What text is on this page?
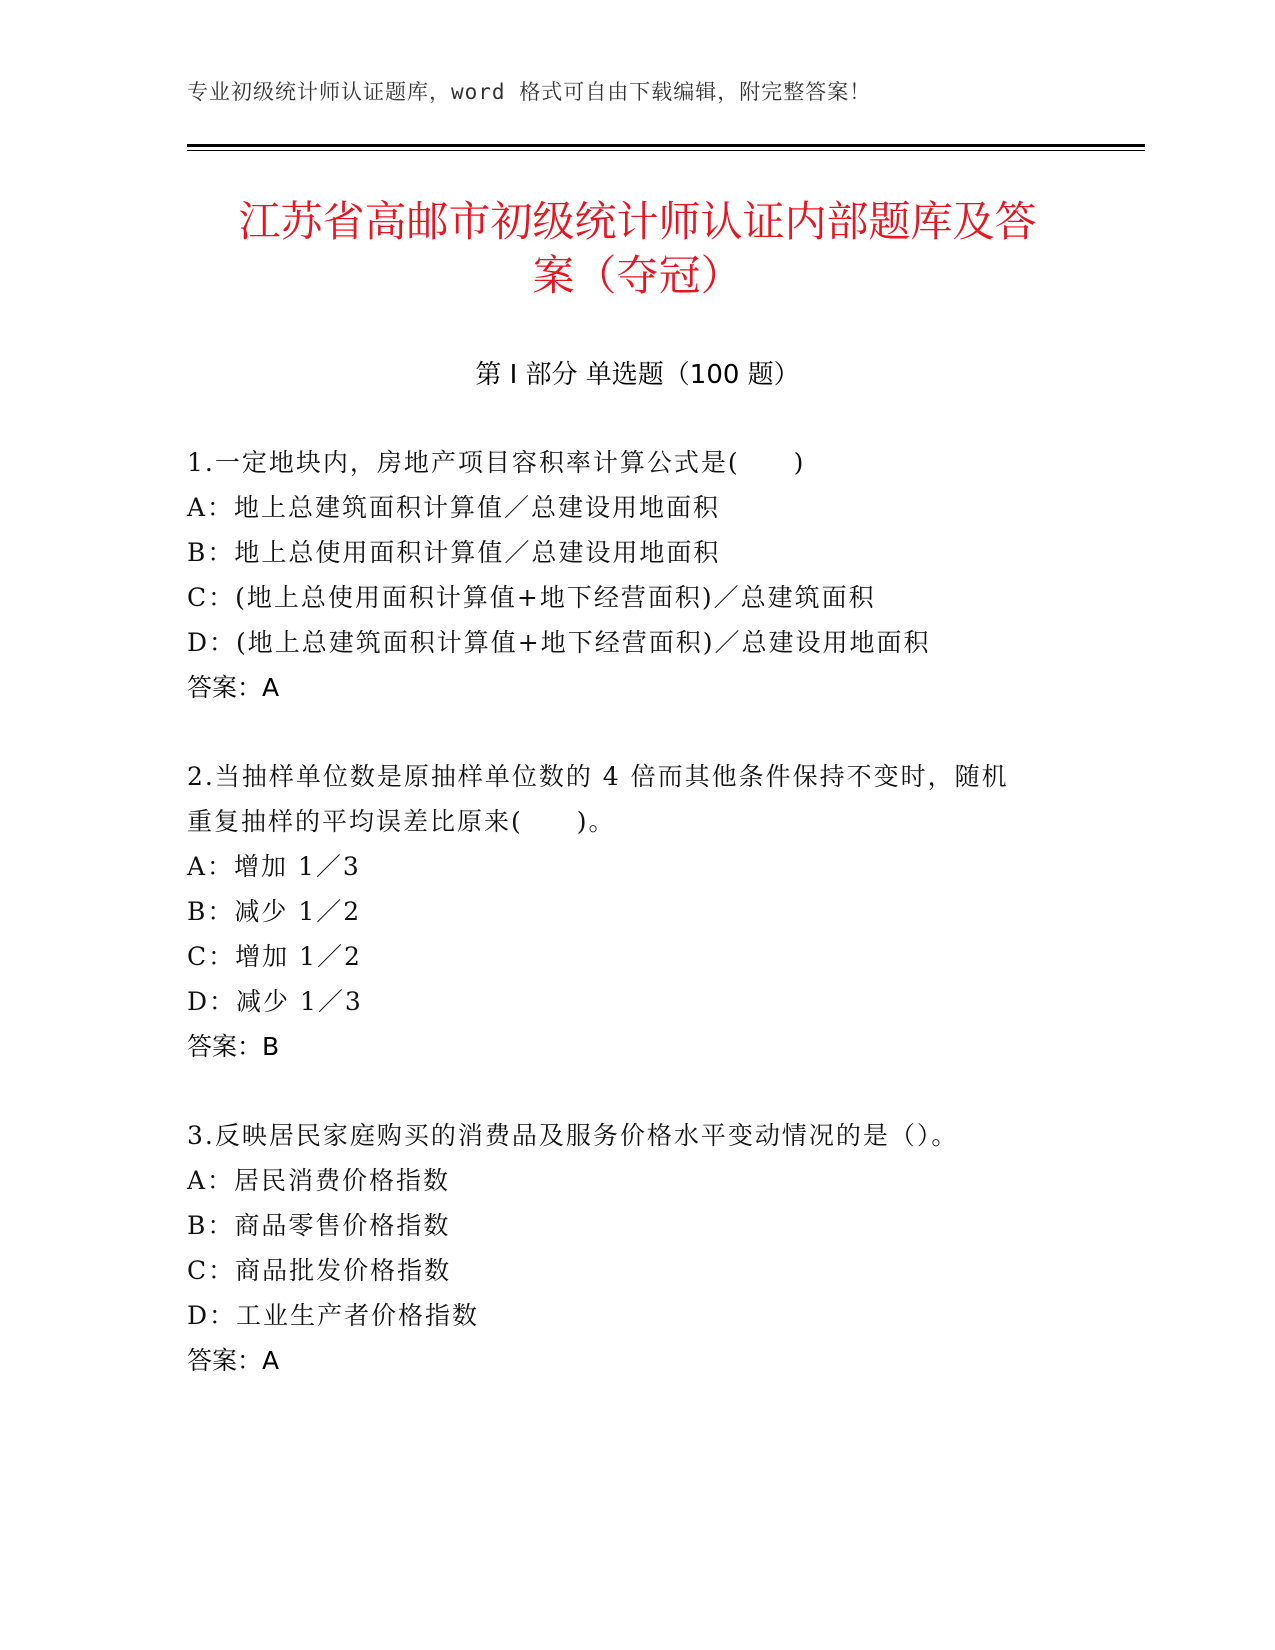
专业初级统计师认证题库，word 格式可自由下载编辑，附完整答案！
江苏省高邮市初级统计师认证内部题库及答
案（夺冠）
第 I 部分 单选题（100 题）

1.一定地块内，房地产项目容积率计算公式是(　　)

A：地上总建筑面积计算值／总建设用地面积

B：地上总使用面积计算值／总建设用地面积

C：(地上总使用面积计算值+地下经营面积)／总建筑面积

D：(地上总建筑面积计算值+地下经营面积)／总建设用地面积

答案：A

2.当抽样单位数是原抽样单位数的 4 倍而其他条件保持不变时，随机

重复抽样的平均误差比原来(　　)。

A：增加 1／3

B：减少 1／2

C：增加 1／2

D：减少 1／3

答案：B

3.反映居民家庭购买的消费品及服务价格水平变动情况的是（）。

A：居民消费价格指数

B：商品零售价格指数

C：商品批发价格指数

D：工业生产者价格指数

答案：A
